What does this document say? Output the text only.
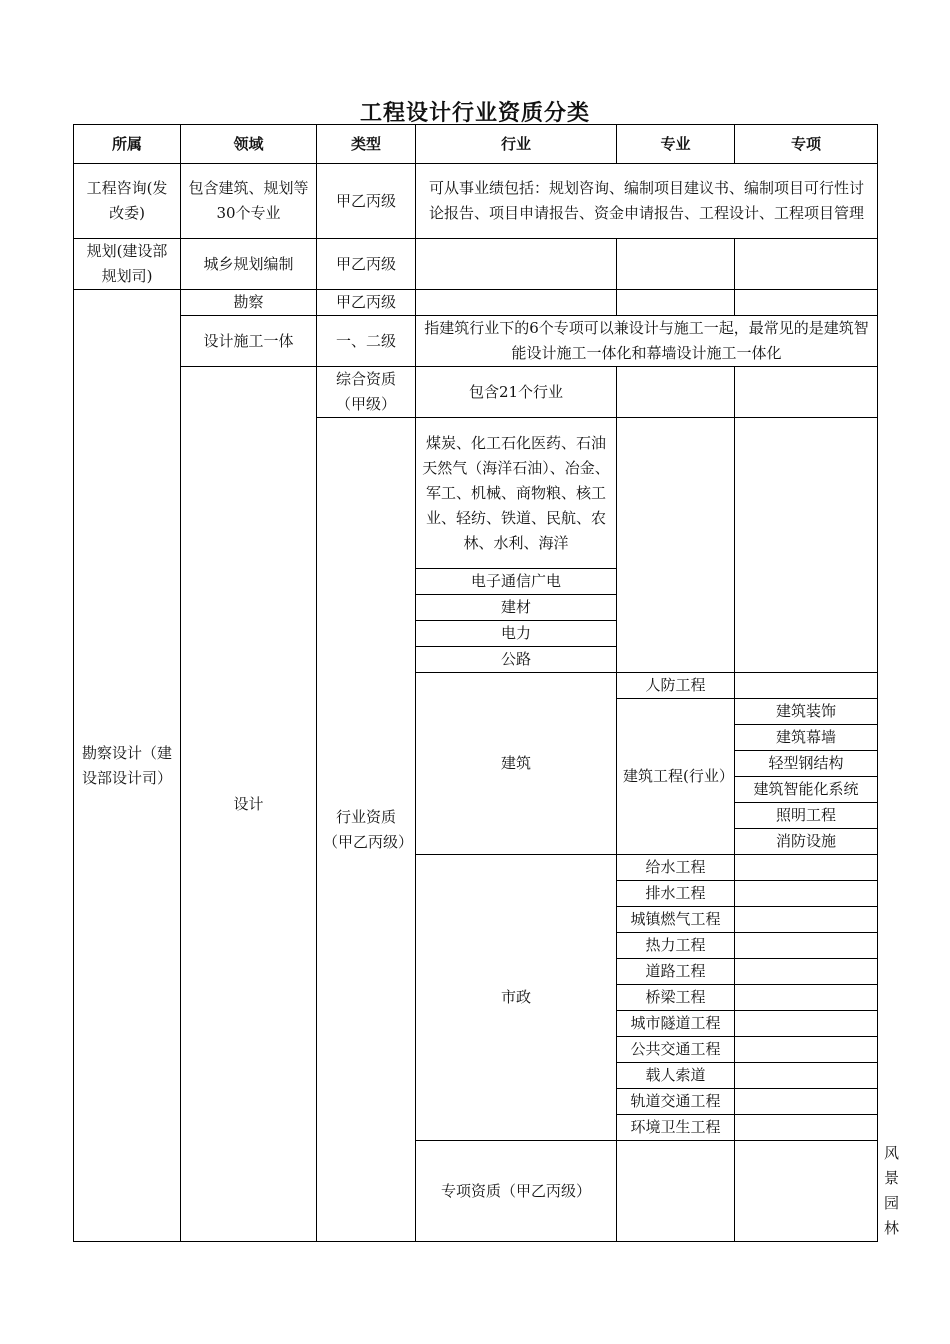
工程设计行业资质分类
所属	领域	类型	行业	专业	专项	
工程咨询(发改委)	包含建筑、规划等30个专业	甲乙丙级	可从事业绩包括：规划咨询、编制项目建议书、编制项目可行性讨论报告、项目申请报告、资金申请报告、工程设计、工程项目管理			
规划(建设部规划司)	城乡规划编制	甲乙丙级				
勘察设计（建设部设计司）	勘察	甲乙丙级				
	设计施工一体	一、二级	指建筑行业下的6个专项可以兼设计与施工一起，最常见的是建筑智能设计施工一体化和幕墙设计施工一体化			
	设计	综合资质（甲级）	包含21个行业			
		行业资质（甲乙丙级）	煤炭、化工石化医药、石油天然气（海洋石油）、冶金、军工、机械、商物粮、核工业、轻纺、铁道、民航、农林、水利、海洋			
			电子通信广电			
			建材			
			电力			
			公路			
			建筑	人防工程		
				建筑工程(行业）	建筑装饰	
					建筑幕墙	
					轻型钢结构	
					建筑智能化系统	
					照明工程	
					消防设施	
			市政	给水工程		
				排水工程		
				城镇燃气工程		
				热力工程		
				道路工程		
				桥梁工程		
				城市隧道工程		
				公共交通工程		
				载人索道		
				轨道交通工程		
				环境卫生工程		
			专项资质（甲乙丙级）			风景园林
